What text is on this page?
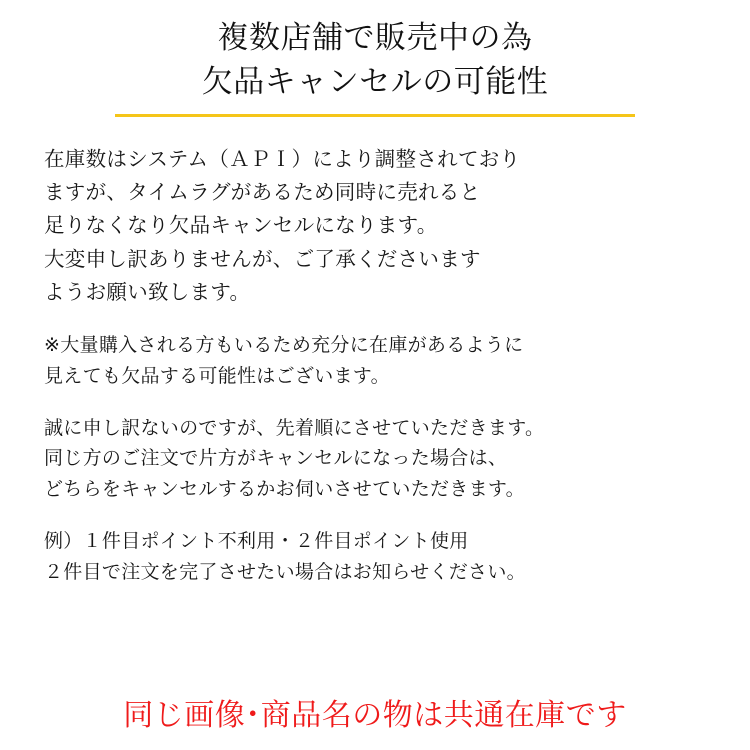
複数店舗で販売中の為
欠品キャンセルの可能性

在庫数はシステム（ＡＰＩ）により調整されており
ますが、タイムラグがあるため同時に売れると
足りなくなり欠品キャンセルになります。
大変申し訳ありませんが、ご了承くださいます
ようお願い致します。

※大量購入される方もいるため充分に在庫があるように
見えても欠品する可能性はございます。

誠に申し訳ないのですが、先着順にさせていただきます。
同じ方のご注文で片方がキャンセルになった場合は、
どちらをキャンセルするかお伺いさせていただきます。

例）１件目ポイント不利用・２件目ポイント使用
２件目で注文を完了させたい場合はお知らせください。

同じ画像･商品名の物は共通在庫です
